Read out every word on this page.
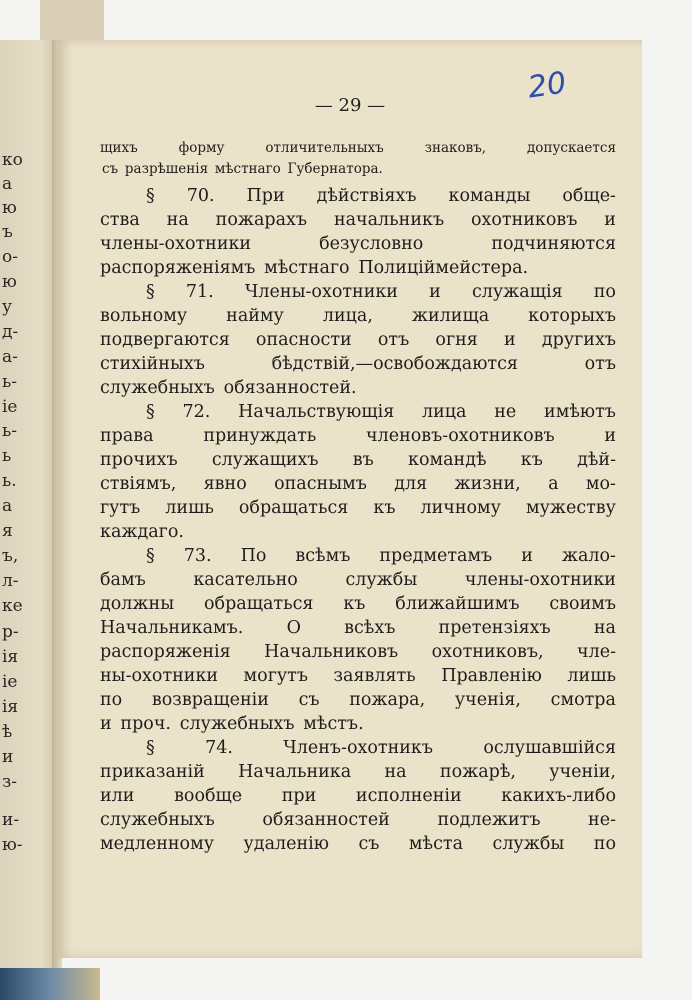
ко
а
ю
ъ
о-
ю
у
д-
а-
ь-
іе
ь-
ь
ь.
а
я
ъ,
л-
ке
р-
ія
іе
ія
ѣ
и
з-
и-
ю-
20
— 29 —
щихъ	форму	отличительныхъ	знаковъ,	допускается
съ разрѣшенія мѣстнаго Губернатора.
§ 70. При дѣйствіяхъ команды обще-
ства на пожарахъ начальникъ охотниковъ и
члены-охотники	безусловно	подчиняются
распоряженіямъ мѣстнаго Полицiймейстера.
§ 71. Члены-охотники и служащія по
вольному найму лица, жилища которыхъ
подвергаются опасности отъ огня и другихъ
стихійныхъ	бѣдствій,—освобождаются	отъ
служебныхъ обязанностей.
§ 72. Начальствующія лица не имѣютъ
права	принуждать	членовъ-охотниковъ	и
прочихъ служащихъ въ командѣ къ дѣй-
ствіямъ, явно опаснымъ для жизни, а мо-
гутъ лишь обращаться къ личному мужеству
каждаго.
§ 73. По всѣмъ предметамъ и жало-
бамъ	касательно	службы	члены-охотники
должны обращаться къ ближайшимъ своимъ
Начальникамъ. О всѣхъ претензіяхъ на
распоряженія Начальниковъ охотниковъ, чле-
ны-охотники могутъ заявлять Правленію лишь
по возвращеніи съ пожара, ученія, смотра
и проч. служебныхъ мѣстъ.
§	74.	Членъ-охотникъ	ослушавшійся
приказаній Начальника на пожарѣ, ученіи,
или вообще при исполненіи какихъ-либо
служебныхъ	обязанностей	подлежитъ	не-
медленному удаленію съ мѣста службы по
